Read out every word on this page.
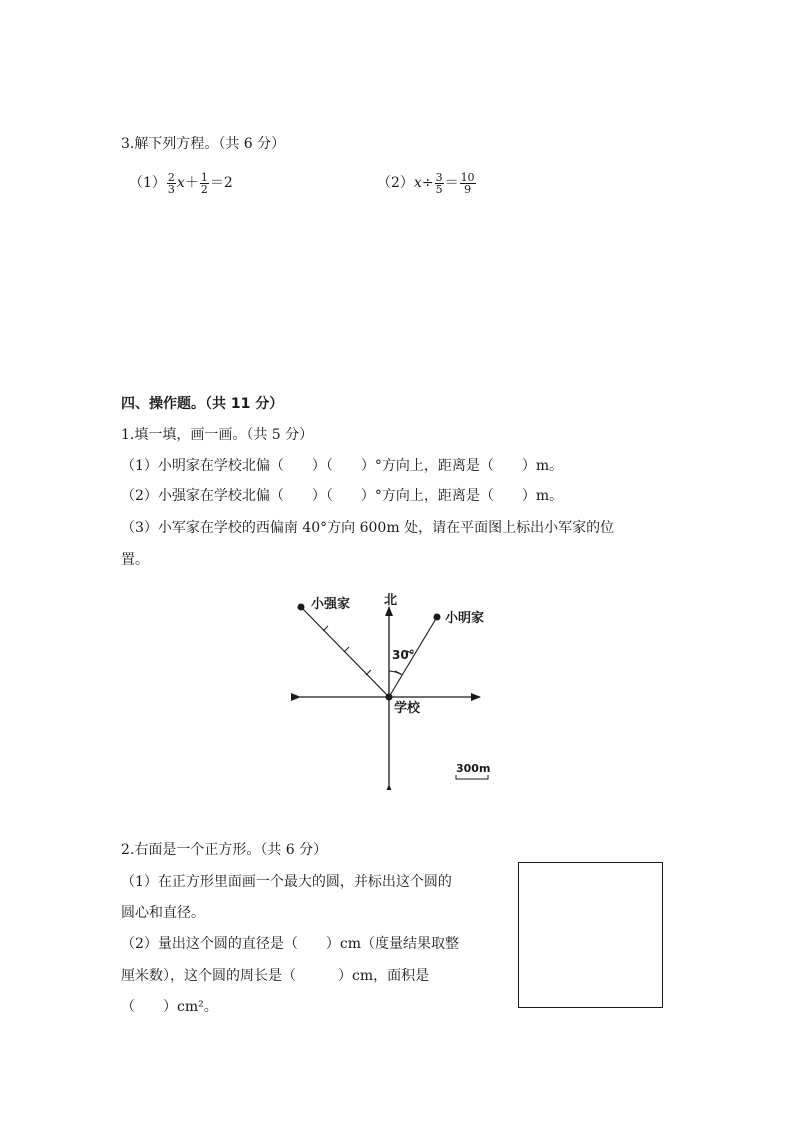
3.解下列方程。（共 6 分）
$(1) \frac{2}{3} x+ \frac{1}{2} =2$	$(2)x\div \frac{3}{5} = \frac{10}{9}$
四、操作题。（共 11 分）
1.填一填，画一画。（共 5 分）
（1）小明家在学校北偏（　　）（　　）°方向上，距离是（　　）m。
（2）小强家在学校北偏（　　）（　　）°方向上，距离是（　　）m。
（3）小军家在学校的西偏南 40°方向 600m 处，请在平面图上标出小军家的位
置。
小强家	北
小明家
30°
学校
300m
2.右面是一个正方形。（共 6 分）
（1）在正方形里面画一个最大的圆，并标出这个圆的
圆心和直径。
（2）量出这个圆的直径是（　　）cm（度量结果取整
厘米数），这个圆的周长是（　　　）cm，面积是
（　　）cm²。
